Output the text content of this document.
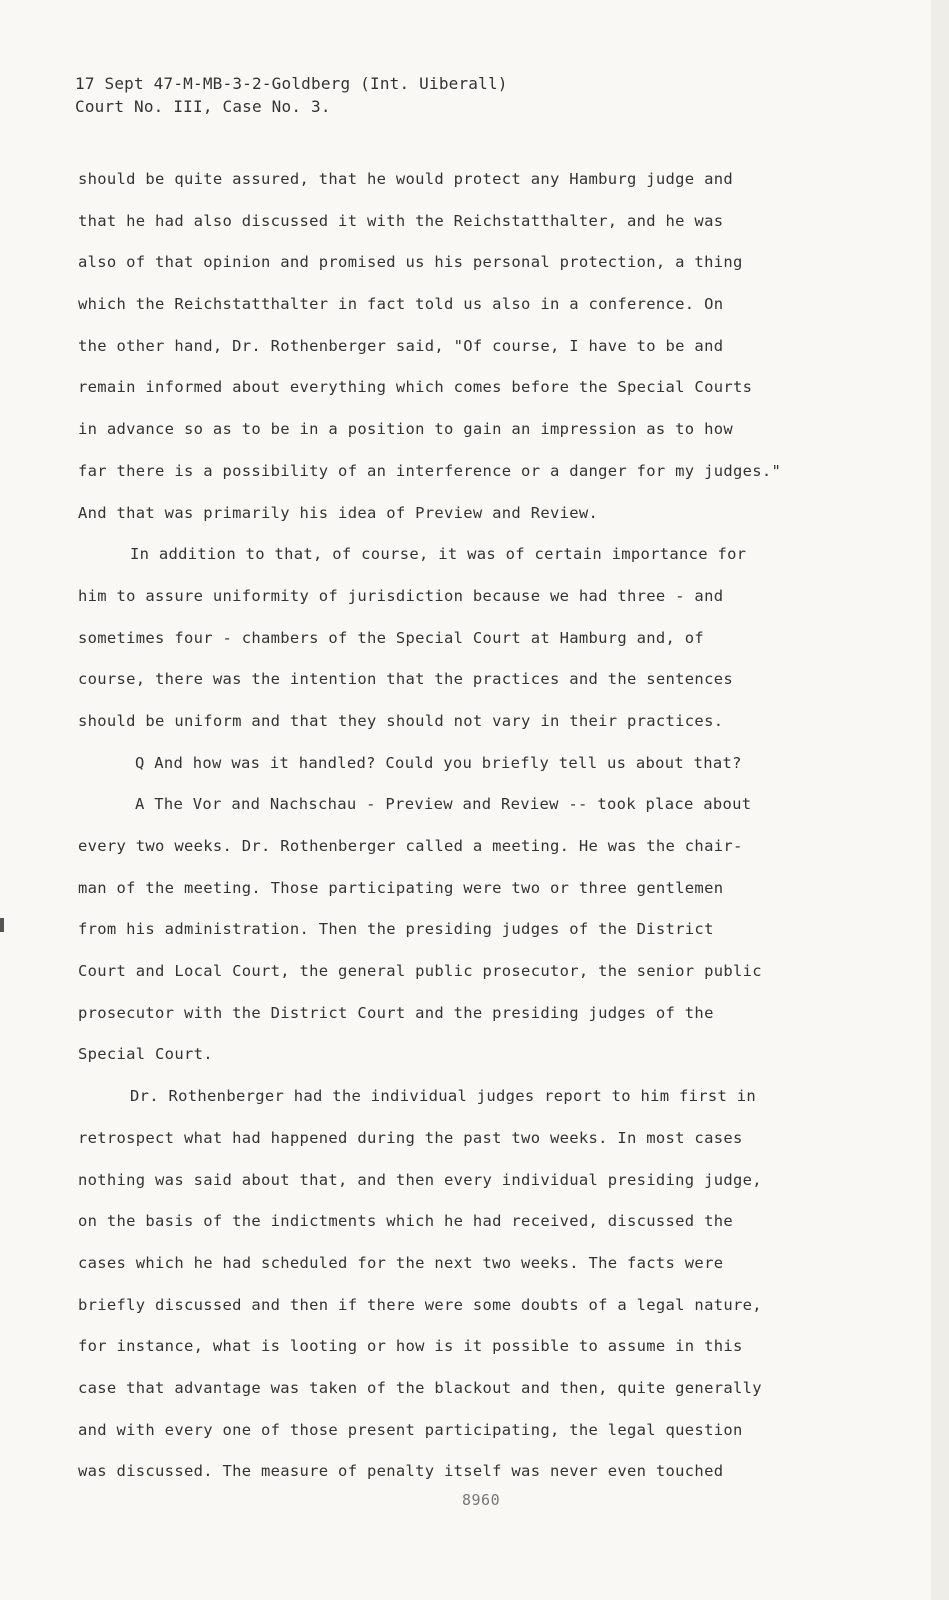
17 Sept 47-M-MB-3-2-Goldberg (Int. Uiberall)
Court No. III, Case No. 3.
should be quite assured, that he would protect any Hamburg judge and
that he had also discussed it with the Reichstatthalter, and he was
also of that opinion and promised us his personal protection, a thing
which the Reichstatthalter in fact told us also in a conference. On
the other hand, Dr. Rothenberger said, "Of course, I have to be and
remain informed about everything which comes before the Special Courts
in advance so as to be in a position to gain an impression as to how
far there is a possibility of an interference or a danger for my judges."
And that was primarily his idea of Preview and Review.
In addition to that, of course, it was of certain importance for
him to assure uniformity of jurisdiction because we had three - and
sometimes four - chambers of the Special Court at Hamburg and, of
course, there was the intention that the practices and the sentences
should be uniform and that they should not vary in their practices.
Q And how was it handled? Could you briefly tell us about that?
A The Vor and Nachschau - Preview and Review -- took place about
every two weeks. Dr. Rothenberger called a meeting. He was the chair-
man of the meeting. Those participating were two or three gentlemen
from his administration. Then the presiding judges of the District
Court and Local Court, the general public prosecutor, the senior public
prosecutor with the District Court and the presiding judges of the
Special Court.
Dr. Rothenberger had the individual judges report to him first in
retrospect what had happened during the past two weeks. In most cases
nothing was said about that, and then every individual presiding judge,
on the basis of the indictments which he had received, discussed the
cases which he had scheduled for the next two weeks. The facts were
briefly discussed and then if there were some doubts of a legal nature,
for instance, what is looting or how is it possible to assume in this
case that advantage was taken of the blackout and then, quite generally
and with every one of those present participating, the legal question
was discussed. The measure of penalty itself was never even touched
8960
